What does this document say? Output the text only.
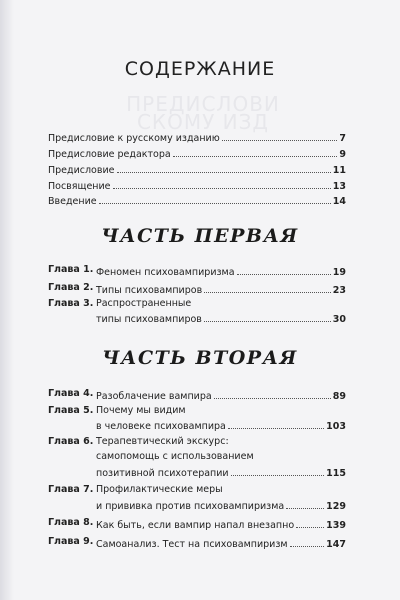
СОДЕРЖАНИЕ
ПРЕДИСЛОВИ
СКОМУ ИЗД
Предисловие к русскому изданию	7
Предисловие редактора	9
Предисловие	11
Посвящение	13
Введение	14
ЧАСТЬ ПЕРВАЯ
Глава 1. Феномен психовампиризма	19
Глава 2. Типы психовампиров	23
Глава 3. Распространенные
типы психовампиров	30
ЧАСТЬ ВТОРАЯ
Глава 4. Разоблачение вампира	89
Глава 5. Почему мы видим
в человеке психовампира	103
Глава 6. Терапевтический экскурс:
самопомощь с использованием
позитивной психотерапии	115
Глава 7. Профилактические меры
и прививка против психовампиризма	129
Глава 8. Как быть, если вампир напал внезапно	139
Глава 9. Самоанализ. Тест на психовампиризм	147
